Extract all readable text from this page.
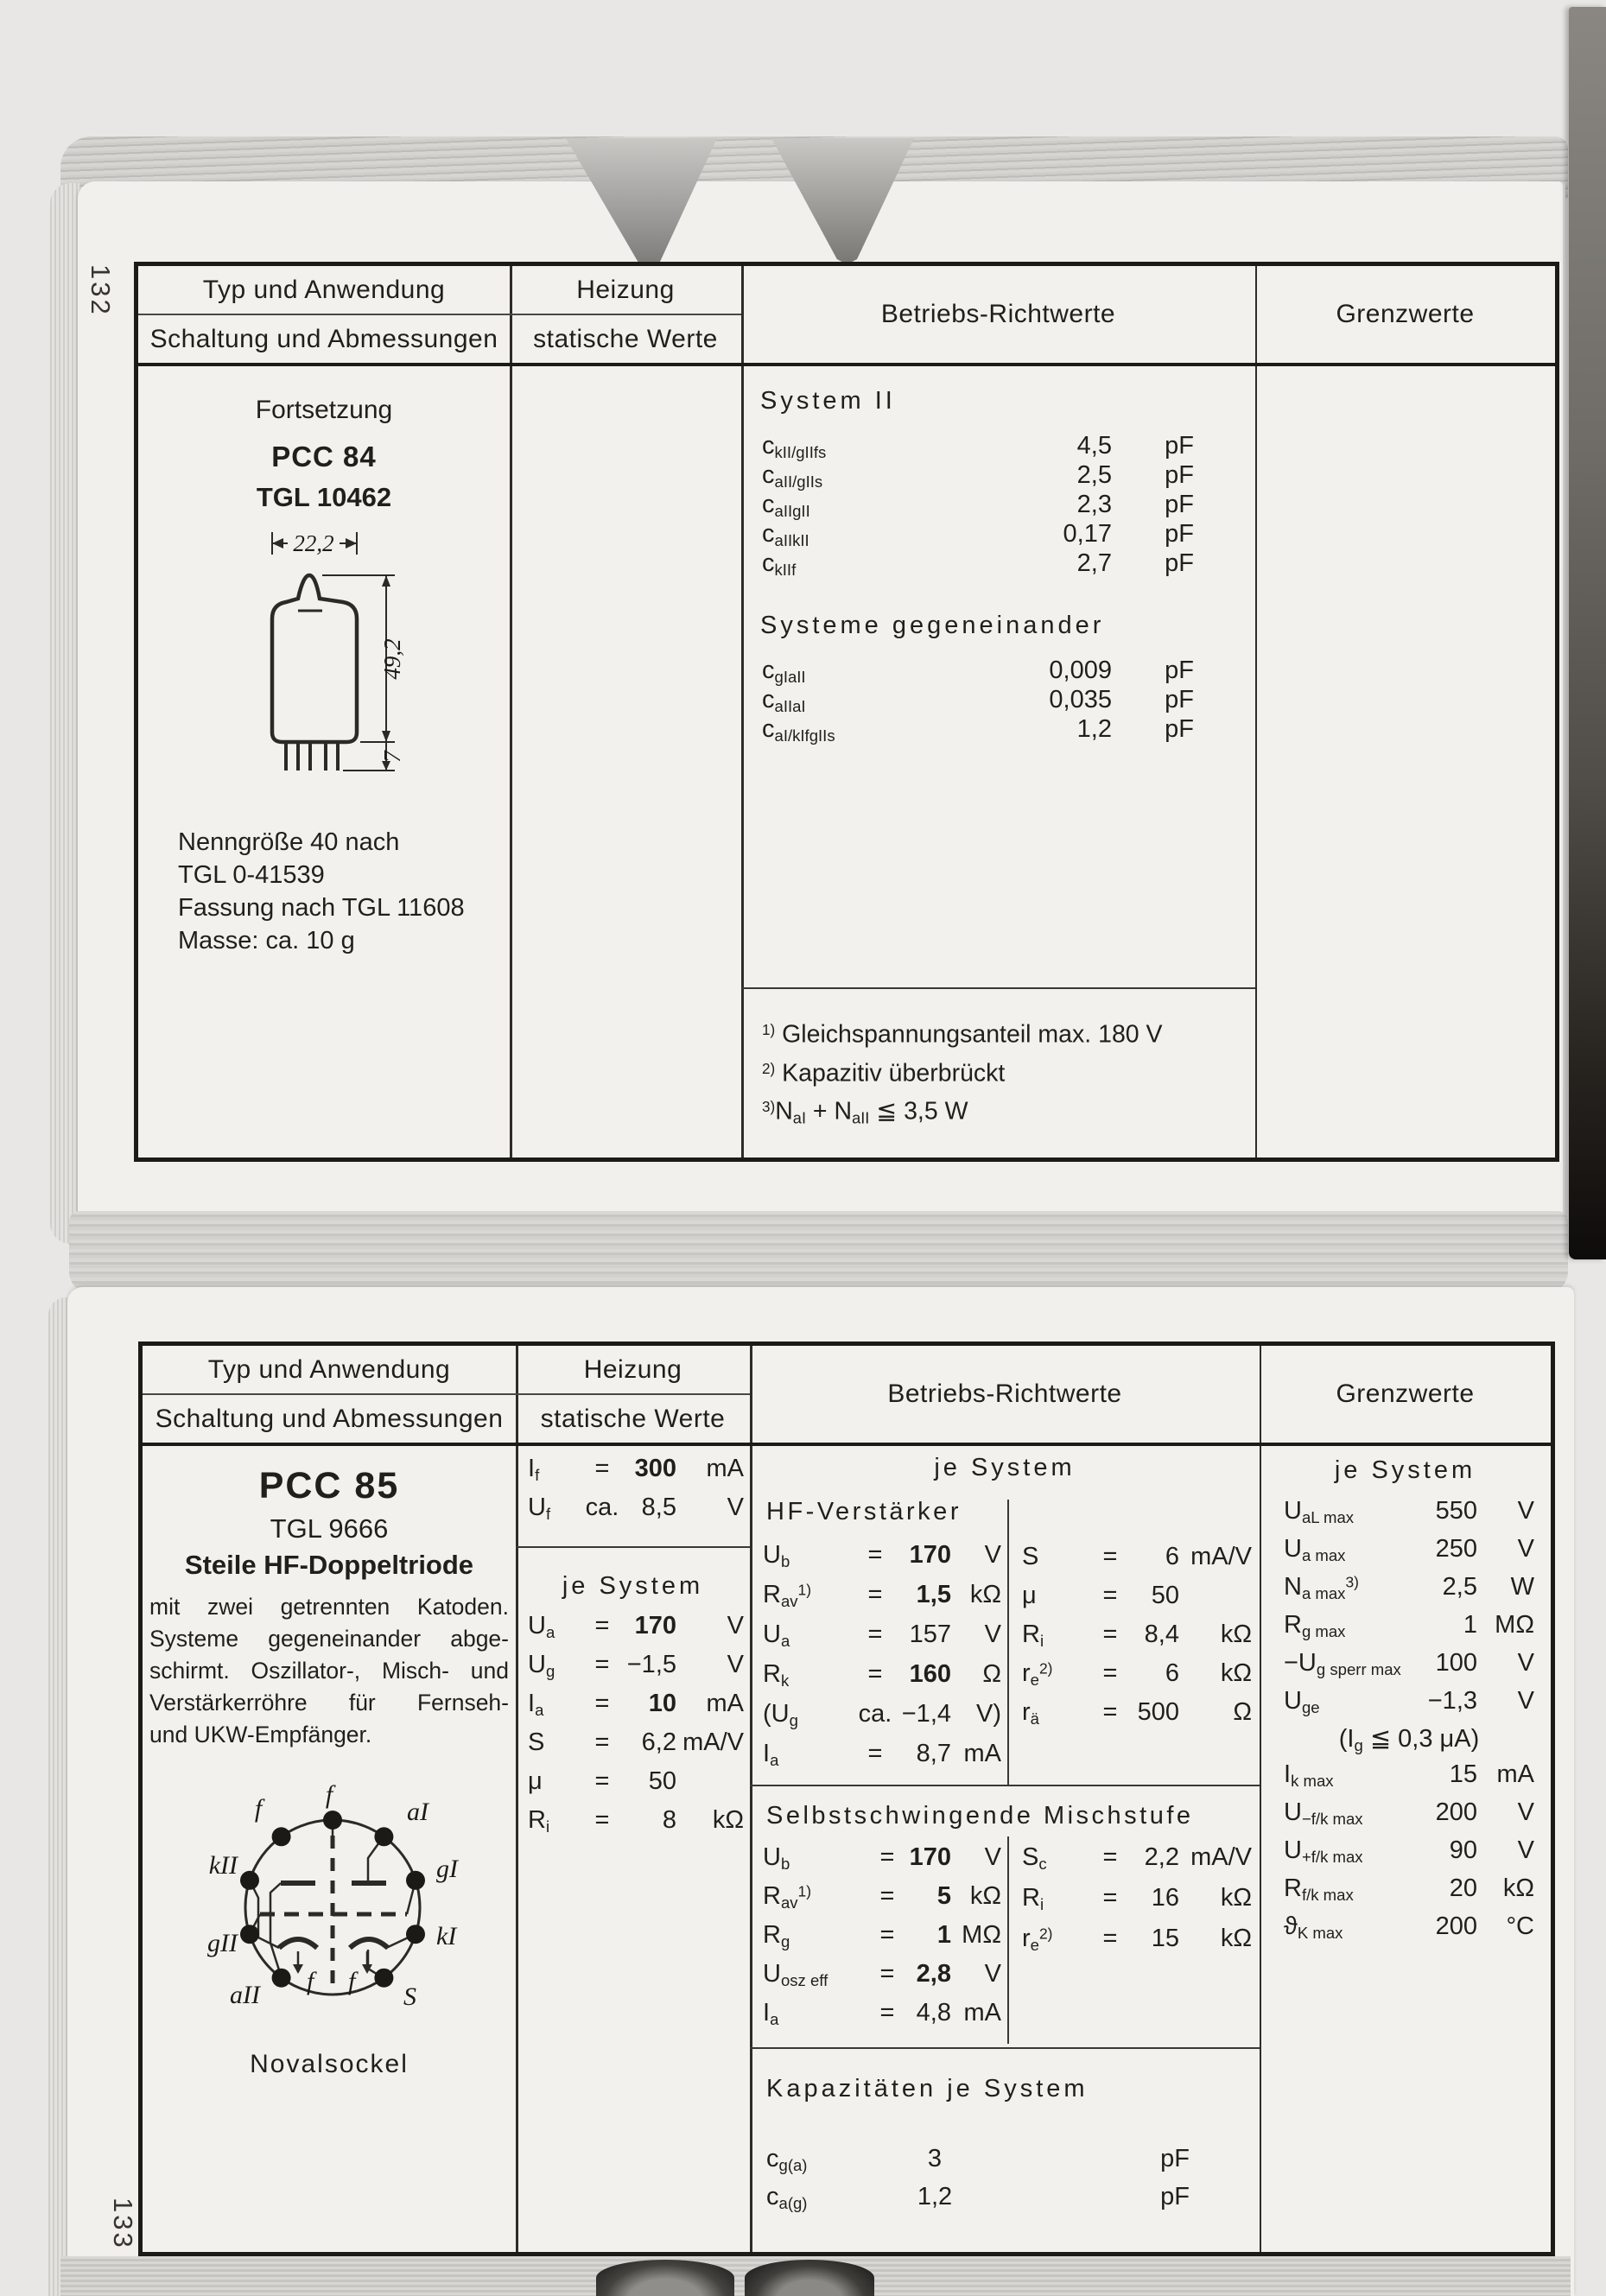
132
133
Typ und Anwendung
Schaltung und Abmessungen
Heizung
statische Werte
Betriebs-Richtwerte	Grenzwerte
Fortsetzung
PCC 84
TGL 10462
22,2
49,2
7
Nenngröße 40 nach
TGL 0-41539
Fassung nach TGL 11608
Masse: ca. 10 g
System II
ckII/gIIfs	4,5	pF
caII/gIIs	2,5	pF
caIIgII	2,3	pF
caIIkII	0,17	pF
ckIIf	2,7	pF
Systeme gegeneinander
cgIaII	0,009	pF
caIIaI	0,035	pF
caI/kIfgIIs	1,2	pF
$^{1)}$ Gleichspannungsanteil max. 180 V
$^{2)}$ Kapazitiv überbrückt
$^{3)}$NaI + NaII ≦ 3,5 W
Typ und Anwendung
Schaltung und Abmessungen
Heizung
statische Werte
Betriebs-Richtwerte	Grenzwerte
PCC 85
TGL 9666
Steile HF-Doppeltriode
mit zwei getrennten Katoden.
Systeme gegeneinander abge-
schirmt. Oszillator-, Misch- und
Verstärkerröhre für Fernseh-
und UKW-Empfänger.
f
f	aI
gI
kI
S
aII
gII
kII
f f
Novalsockel
If	=	300	mA
Uf	ca. 8,5	V
je System
Ua	=	170	V
Ug	= −1,5	V
Ia	=	10	mA
S	=	6,2 mA/V
μ	=	50
Ri	=	8	kΩ
je System
HF-Verstärker
Ub	=	170	V
Rav$^{1)}$	=	1,5 kΩ
Ua	=	157	V
Rk	=	160	Ω
(Ug	ca. −1,4	V)
Ia	=	8,7 mA
S	=	6 mA/V
μ	=	50
Ri	=	8,4	kΩ
$re^{2)}$	=	6	kΩ
rä	= 500	Ω
Selbstschwingende Mischstufe
Ub	= 170	V
Rav$^{1)}$	=	5 kΩ
Rg	=	1 MΩ
Uosz eff	= 2,8	V
Ia	= 4,8 mA
Sc	=	2,2 mA/V
Ri	=	16	kΩ
$re^{2)}$	=	15	kΩ
Kapazitäten je System
cg(a)	3	pF
ca(g)	1,2	pF
je System
UaL max	550	V
Ua max	250	V
Na $\max^{3)}$	2,5	W
Rg max	1 MΩ
−Ug sperr max	100	V
Uge	−1,3	V
(Ig ≦ 0,3 μA)
Ik max	15 mA
U−f/k max	200	V
U+f/k max	90	V
Rf/k max	20	kΩ
ϑK max	200	°C
